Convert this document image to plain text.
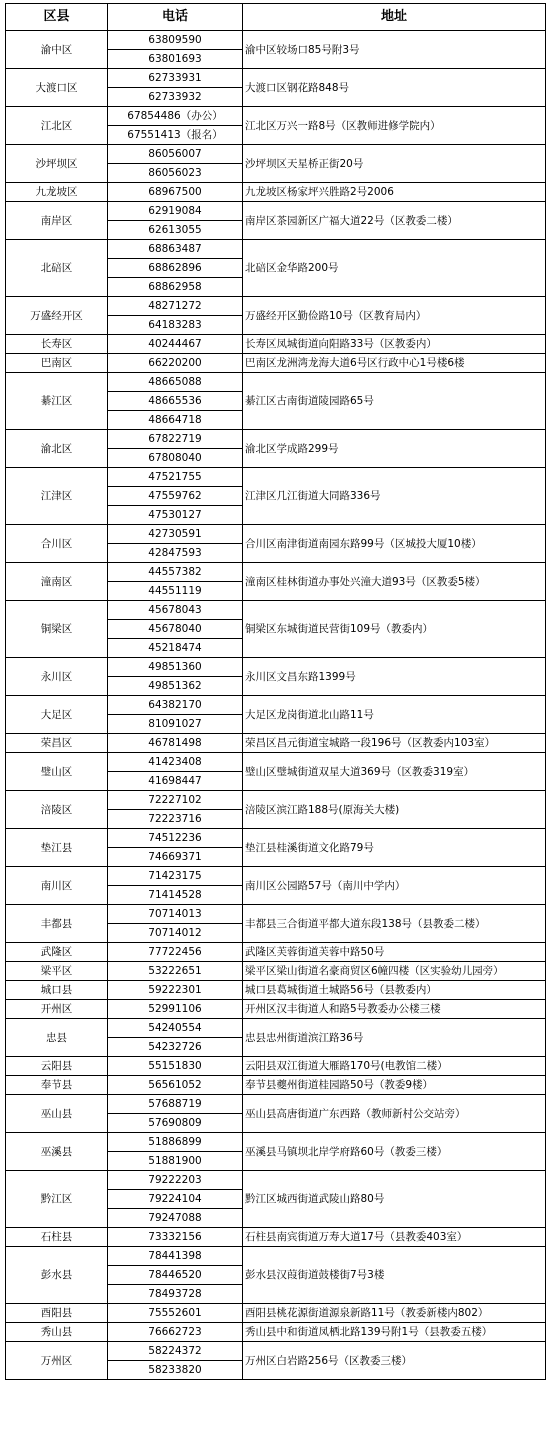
区县	电话	地址
渝中区	63809590	渝中区较场口85号附3号
	63801693	
大渡口区	62733931	大渡口区钢花路848号
	62733932	
江北区	67854486（办公）	江北区万兴一路8号（区教师进修学院内）
	67551413（报名）	
沙坪坝区	86056007	沙坪坝区天星桥正街20号
	86056023	
九龙坡区	68967500	九龙坡区杨家坪兴胜路2号2006
南岸区	62919084	南岸区茶园新区广福大道22号（区教委二楼）
	62613055	
北碚区	68863487	北碚区金华路200号
	68862896	
	68862958	
万盛经开区	48271272	万盛经开区勤俭路10号（区教育局内）
	64183283	
长寿区	40244467	长寿区凤城街道向阳路33号（区教委内）
巴南区	66220200	巴南区龙洲湾龙海大道6号区行政中心1号楼6楼
綦江区	48665088	綦江区古南街道陵园路65号
	48665536	
	48664718	
渝北区	67822719	渝北区学成路299号
	67808040	
江津区	47521755	江津区几江街道大同路336号
	47559762	
	47530127	
合川区	42730591	合川区南津街道南园东路99号（区城投大厦10楼）
	42847593	
潼南区	44557382	潼南区桂林街道办事处兴潼大道93号（区教委5楼）
	44551119	
铜梁区	45678043	铜梁区东城街道民营街109号（教委内）
	45678040	
	45218474	
永川区	49851360	永川区文昌东路1399号
	49851362	
大足区	64382170	大足区龙岗街道北山路11号
	81091027	
荣昌区	46781498	荣昌区昌元街道宝城路一段196号（区教委内103室）
璧山区	41423408	璧山区璧城街道双星大道369号（区教委319室）
	41698447	
涪陵区	72227102	涪陵区滨江路188号(原海关大楼)
	72223716	
垫江县	74512236	垫江县桂溪街道文化路79号
	74669371	
南川区	71423175	南川区公园路57号（南川中学内）
	71414528	
丰都县	70714013	丰都县三合街道平都大道东段138号（县教委二楼）
	70714012	
武隆区	77722456	武隆区芙蓉街道芙蓉中路50号
梁平区	53222651	梁平区梁山街道名豪商贸区6幢四楼（区实验幼儿园旁）
城口县	59222301	城口县葛城街道土城路56号（县教委内）
开州区	52991106	开州区汉丰街道人和路5号教委办公楼三楼
忠县	54240554	忠县忠州街道滨江路36号
	54232726	
云阳县	55151830	云阳县双江街道大雁路170号(电教馆二楼）
奉节县	56561052	奉节县夔州街道桂园路50号（教委9楼）
巫山县	57688719	巫山县高唐街道广东西路（教师新村公交站旁）
	57690809	
巫溪县	51886899	巫溪县马镇坝北岸学府路60号（教委三楼）
	51881900	
黔江区	79222203	黔江区城西街道武陵山路80号
	79224104	
	79247088	
石柱县	73332156	石柱县南宾街道万寿大道17号（县教委403室）
彭水县	78441398	彭水县汉葭街道鼓楼街7号3楼
	78446520	
	78493728	
酉阳县	75552601	酉阳县桃花源街道源泉新路11号（教委新楼内802）
秀山县	76662723	秀山县中和街道凤栖北路139号附1号（县教委五楼）
万州区	58224372	万州区白岩路256号（区教委三楼）
	58233820	
